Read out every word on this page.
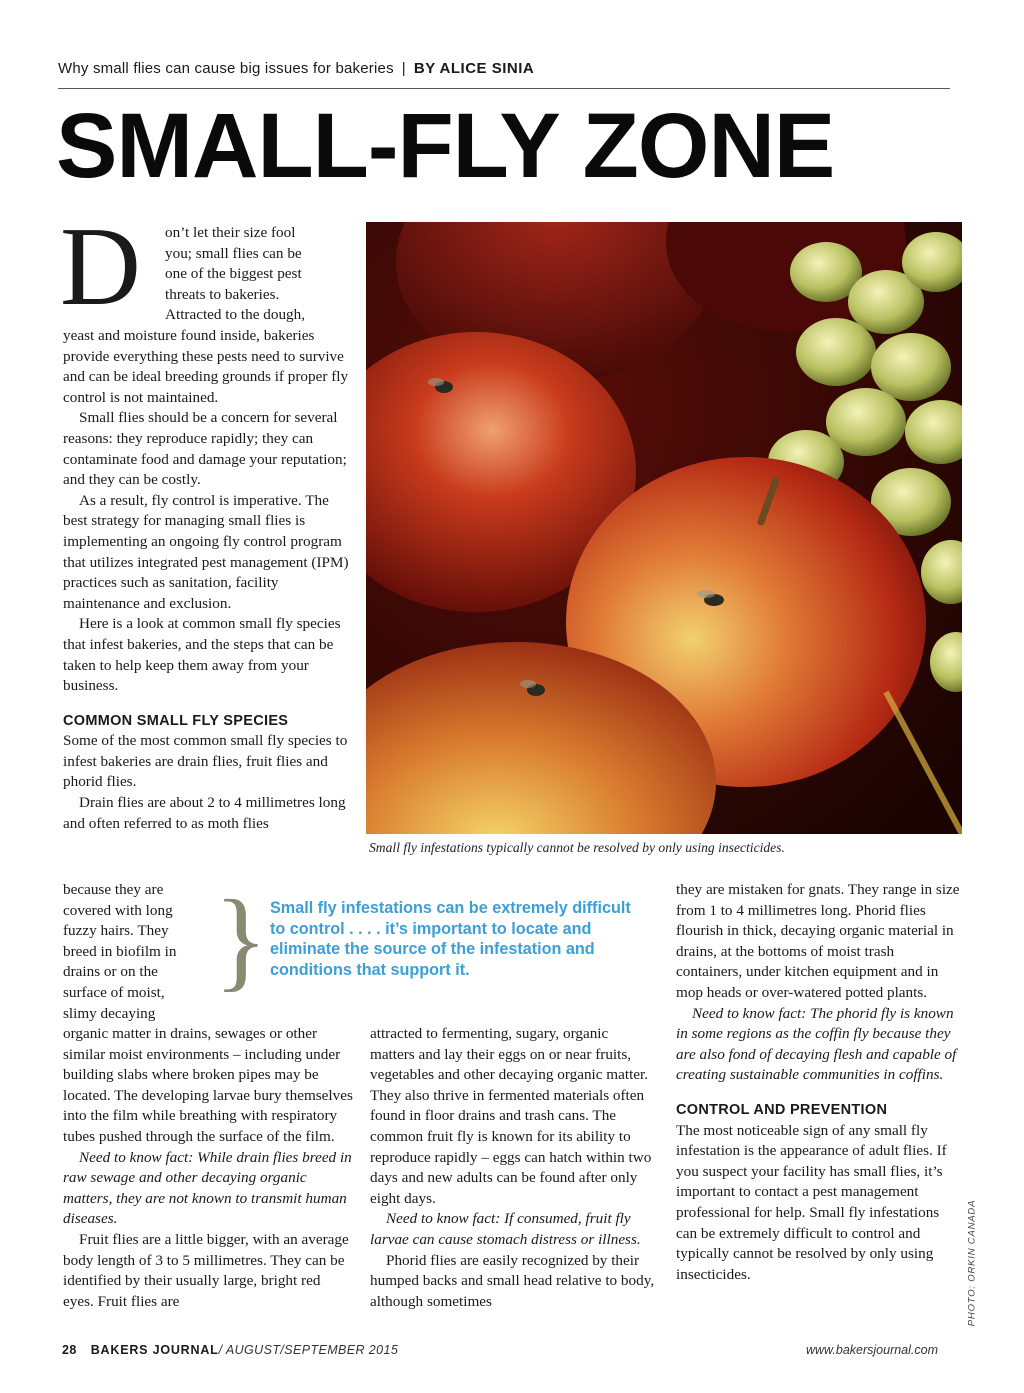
Why small flies can cause big issues for bakeries | BY ALICE SINIA
SMALL-FLY ZONE
D on’t let their size fool

you; small flies can be

one of the biggest pest

threats to bakeries.

Attracted to the dough,

yeast and moisture found inside, bakeries provide everything these pests need to survive and can be ideal breeding grounds if proper fly control is not maintained.

Small flies should be a concern for several reasons: they reproduce rapidly; they can contaminate food and damage your reputation; and they can be costly.

As a result, fly control is imperative. The best strategy for managing small flies is implementing an ongoing fly control program that utilizes integrated pest management (IPM) practices such as sanitation, facility maintenance and exclusion.

Here is a look at common small fly species that infest bakeries, and the steps that can be taken to help keep them away from your business.

COMMON SMALL FLY SPECIES

Some of the most common small fly species to infest bakeries are drain flies, fruit flies and phorid flies.

Drain flies are about 2 to 4 millimetres long and often referred to as moth flies

because they are

covered with long

fuzzy hairs. They

breed in biofilm in

drains or on the

surface of moist,

slimy decaying

organic matter in drains, sewages or other similar moist environments – including under building slabs where broken pipes may be located. The developing larvae bury themselves into the film while breathing with respiratory tubes pushed through the surface of the film.

Need to know fact: While drain flies breed in raw sewage and other decaying organic matters, they are not known to transmit human diseases.

Fruit flies are a little bigger, with an average body length of 3 to 5 millimetres. They can be identified by their usually large, bright red eyes. Fruit flies are

Small fly infestations typically cannot be resolved by only using insecticides.
} Small fly infestations can be extremely difficult to control . . . . it’s important to locate and eliminate the source of the infestation and conditions that support it.

attracted to fermenting, sugary, organic matters and lay their eggs on or near fruits, vegetables and other decaying organic matter. They also thrive in fermented materials often found in floor drains and trash cans. The common fruit fly is known for its ability to reproduce rapidly – eggs can hatch within two days and new adults can be found after only eight days.

Need to know fact: If consumed, fruit fly larvae can cause stomach distress or illness.

Phorid flies are easily recognized by their humped backs and small head relative to body, although sometimes

they are mistaken for gnats. They range in size from 1 to 4 millimetres long. Phorid flies flourish in thick, decaying organic material in drains, at the bottoms of moist trash containers, under kitchen equipment and in mop heads or over-watered potted plants.

Need to know fact: The phorid fly is known in some regions as the coffin fly because they are also fond of decaying flesh and capable of creating sustainable communities in coffins.

CONTROL AND PREVENTION

The most noticeable sign of any small fly infestation is the appearance of adult flies. If you suspect your facility has small flies, it’s important to contact a pest management professional for help. Small fly infestations can be extremely difficult to control and typically cannot be resolved by only using insecticides.	PHOTO: ORKIN CANADA
28 BAKERS JOURNAL/ AUGUST/SEPTEMBER 2015	www.bakersjournal.com
